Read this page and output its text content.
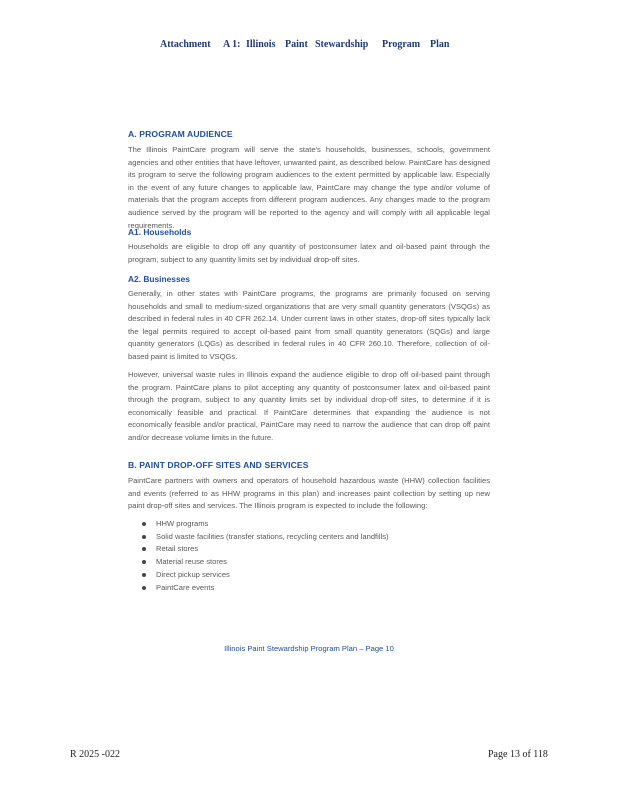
Attachment A 1: Illinois Paint Stewardship Program Plan
A. PROGRAM AUDIENCE
The Illinois PaintCare program will serve the state's households, businesses, schools, government agencies and other entities that have leftover, unwanted paint, as described below. PaintCare has designed its program to serve the following program audiences to the extent permitted by applicable law. Especially in the event of any future changes to applicable law, PaintCare may change the type and/or volume of materials that the program accepts from different program audiences. Any changes made to the program audience served by the program will be reported to the agency and will comply with all applicable legal requirements.
A1. Households
Households are eligible to drop off any quantity of postconsumer latex and oil-based paint through the program, subject to any quantity limits set by individual drop-off sites.
A2. Businesses
Generally, in other states with PaintCare programs, the programs are primarily focused on serving households and small to medium-sized organizations that are very small quantity generators (VSQGs) as described in federal rules in 40 CFR 262.14. Under current laws in other states, drop-off sites typically lack the legal permits required to accept oil-based paint from small quantity generators (SQGs) and large quantity generators (LQGs) as described in federal rules in 40 CFR 260.10. Therefore, collection of oil-based paint is limited to VSQGs.
However, universal waste rules in Illinois expand the audience eligible to drop off oil-based paint through the program. PaintCare plans to pilot accepting any quantity of postconsumer latex and oil-based paint through the program, subject to any quantity limits set by individual drop-off sites, to determine if it is economically feasible and practical. If PaintCare determines that expanding the audience is not economically feasible and/or practical, PaintCare may need to narrow the audience that can drop off paint and/or decrease volume limits in the future.
B. PAINT DROP-OFF SITES AND SERVICES
PaintCare partners with owners and operators of household hazardous waste (HHW) collection facilities and events (referred to as HHW programs in this plan) and increases paint collection by setting up new paint drop-off sites and services. The Illinois program is expected to include the following:
HHW programs
Solid waste facilities (transfer stations, recycling centers and landfills)
Retail stores
Material reuse stores
Direct pickup services
PaintCare events
Illinois Paint Stewardship Program Plan – Page 10
R 2025 -022	Page 13 of 118
